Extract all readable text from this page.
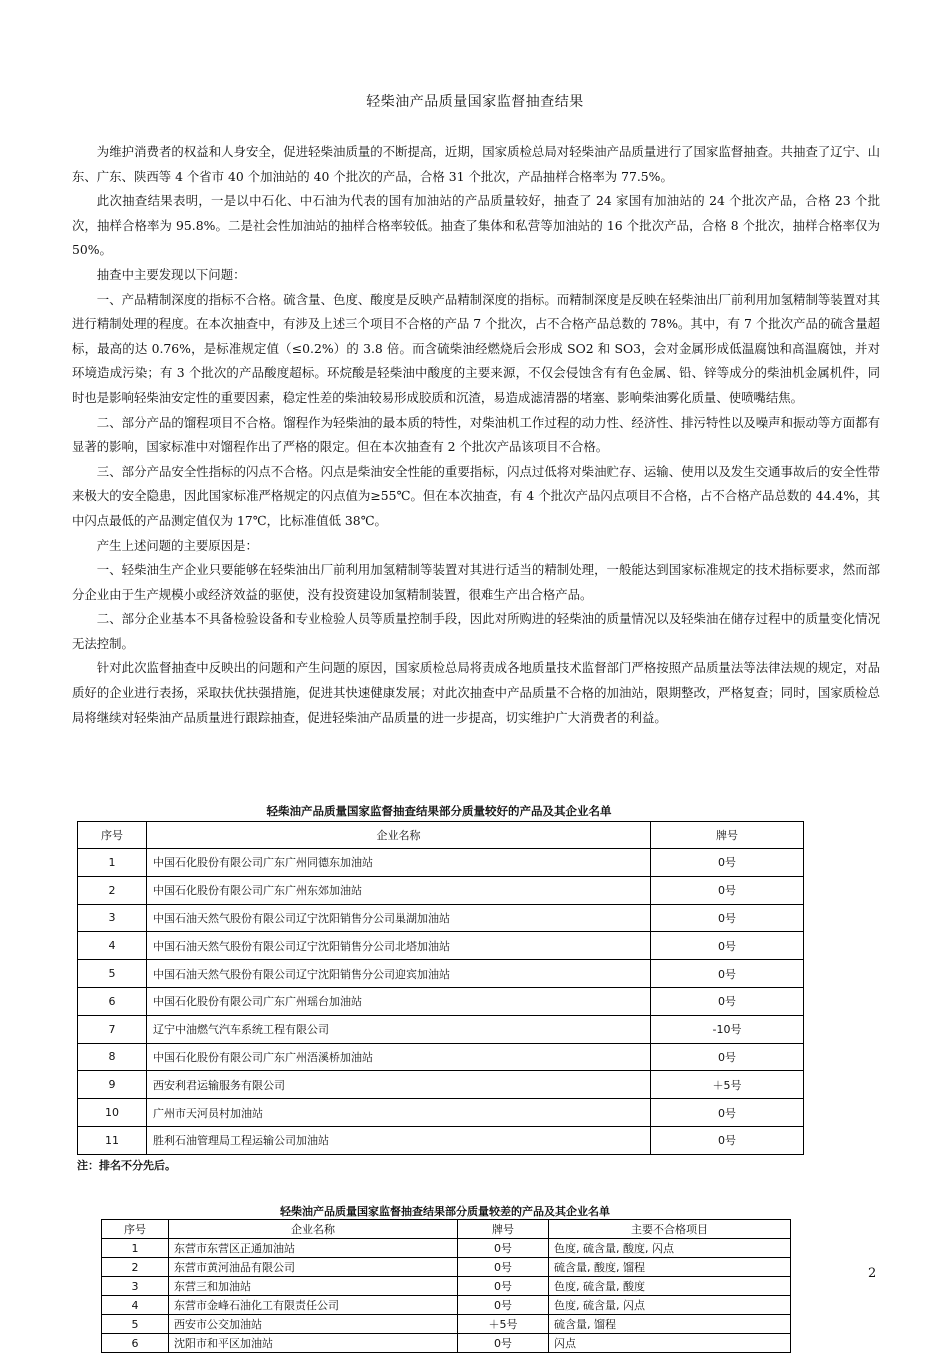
轻柴油产品质量国家监督抽查结果

为维护消费者的权益和人身安全，促进轻柴油质量的不断提高，近期，国家质检总局对轻柴油产品质量进行了国家监督抽查。共抽查了辽宁、山东、广东、陕西等 4 个省市 40 个加油站的 40 个批次的产品，合格 31 个批次，产品抽样合格率为 77.5%。

此次抽查结果表明，一是以中石化、中石油为代表的国有加油站的产品质量较好，抽查了 24 家国有加油站的 24 个批次产品，合格 23 个批次，抽样合格率为 95.8%。二是社会性加油站的抽样合格率较低。抽查了集体和私营等加油站的 16 个批次产品，合格 8 个批次，抽样合格率仅为 50%。

抽查中主要发现以下问题：

一、产品精制深度的指标不合格。硫含量、色度、酸度是反映产品精制深度的指标。而精制深度是反映在轻柴油出厂前利用加氢精制等装置对其进行精制处理的程度。在本次抽查中，有涉及上述三个项目不合格的产品 7 个批次，占不合格产品总数的 78%。其中，有 7 个批次产品的硫含量超标，最高的达 0.76%，是标准规定值（≤0.2%）的 3.8 倍。而含硫柴油经燃烧后会形成 SO2 和 SO3，会对金属形成低温腐蚀和高温腐蚀，并对环境造成污染；有 3 个批次的产品酸度超标。环烷酸是轻柴油中酸度的主要来源，不仅会侵蚀含有有色金属、铅、锌等成分的柴油机金属机件，同时也是影响轻柴油安定性的重要因素，稳定性差的柴油较易形成胶质和沉渣，易造成滤清器的堵塞、影响柴油雾化质量、使喷嘴结焦。

二、部分产品的馏程项目不合格。馏程作为轻柴油的最本质的特性，对柴油机工作过程的动力性、经济性、排污特性以及噪声和振动等方面都有显著的影响，国家标准中对馏程作出了严格的限定。但在本次抽查有 2 个批次产品该项目不合格。

三、部分产品安全性指标的闪点不合格。闪点是柴油安全性能的重要指标，闪点过低将对柴油贮存、运输、使用以及发生交通事故后的安全性带来极大的安全隐患，因此国家标准严格规定的闪点值为≥55℃。但在本次抽查，有 4 个批次产品闪点项目不合格，占不合格产品总数的 44.4%，其中闪点最低的产品测定值仅为 17℃，比标准值低 38℃。

产生上述问题的主要原因是：

一、轻柴油生产企业只要能够在轻柴油出厂前利用加氢精制等装置对其进行适当的精制处理，一般能达到国家标准规定的技术指标要求，然而部分企业由于生产规模小或经济效益的驱使，没有投资建设加氢精制装置，很难生产出合格产品。

二、部分企业基本不具备检验设备和专业检验人员等质量控制手段，因此对所购进的轻柴油的质量情况以及轻柴油在储存过程中的质量变化情况无法控制。

针对此次监督抽查中反映出的问题和产生问题的原因，国家质检总局将责成各地质量技术监督部门严格按照产品质量法等法律法规的规定，对品质好的企业进行表扬，采取扶优扶强措施，促进其快速健康发展；对此次抽查中产品质量不合格的加油站，限期整改，严格复查；同时，国家质检总局将继续对轻柴油产品质量进行跟踪抽查，促进轻柴油产品质量的进一步提高，切实维护广大消费者的利益。

轻柴油产品质量国家监督抽查结果部分质量较好的产品及其企业名单
序号	企业名称	牌号
1	中国石化股份有限公司广东广州同德东加油站	0号
2	中国石化股份有限公司广东广州东郊加油站	0号
3	中国石油天然气股份有限公司辽宁沈阳销售分公司巢湖加油站	0号
4	中国石油天然气股份有限公司辽宁沈阳销售分公司北塔加油站	0号
5	中国石油天然气股份有限公司辽宁沈阳销售分公司迎宾加油站	0号
6	中国石化股份有限公司广东广州瑶台加油站	0号
7	辽宁中油燃气汽车系统工程有限公司	-10号
8	中国石化股份有限公司广东广州浯溪桥加油站	0号
9	西安利君运输服务有限公司	＋5号
10	广州市天河员村加油站	0号
11	胜利石油管理局工程运输公司加油站	0号
注：排名不分先后。
轻柴油产品质量国家监督抽查结果部分质量较差的产品及其企业名单
序号	企业名称	牌号	主要不合格项目
1	东营市东营区正通加油站	0号	色度, 硫含量, 酸度, 闪点
2	东营市黄河油品有限公司	0号	硫含量, 酸度, 馏程
3	东营三和加油站	0号	色度, 硫含量, 酸度
4	东营市金峰石油化工有限责任公司	0号	色度, 硫含量, 闪点
5	西安市公交加油站	＋5号	硫含量, 馏程
6	沈阳市和平区加油站	0号	闪点
2
